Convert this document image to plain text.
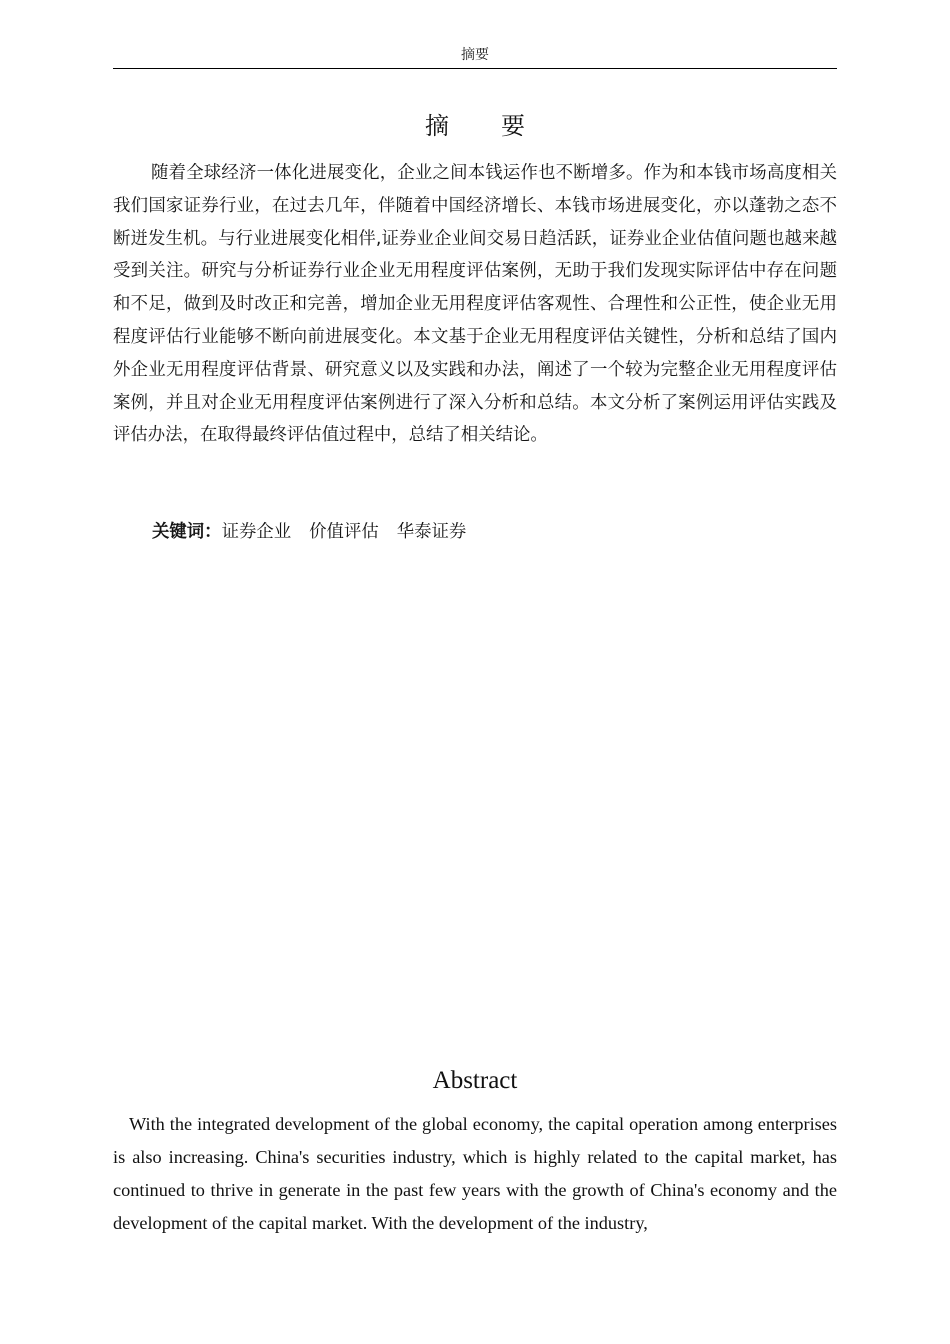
摘要
摘　要

随着全球经济一体化进展变化，企业之间本钱运作也不断增多。作为和本钱市场高度相关我们国家证券行业，在过去几年，伴随着中国经济增长、本钱市场进展变化，亦以蓬勃之态不断迸发生机。与行业进展变化相伴,证券业企业间交易日趋活跃，证券业企业估值问题也越来越受到关注。研究与分析证券行业企业无用程度评估案例，无助于我们发现实际评估中存在问题和不足，做到及时改正和完善，增加企业无用程度评估客观性、合理性和公正性，使企业无用程度评估行业能够不断向前进展变化。本文基于企业无用程度评估关键性，分析和总结了国内外企业无用程度评估背景、研究意义以及实践和办法，阐述了一个较为完整企业无用程度评估案例，并且对企业无用程度评估案例进行了深入分析和总结。本文分析了案例运用评估实践及评估办法，在取得最终评估值过程中，总结了相关结论。

关键词：证券企业 价值评估 华泰证券
Abstract

With the integrated development of the global economy, the capital operation among enterprises is also increasing. China's securities industry, which is highly related to the capital market, has continued to thrive in generate in the past few years with the growth of China's economy and the development of the capital market. With the development of the industry,
